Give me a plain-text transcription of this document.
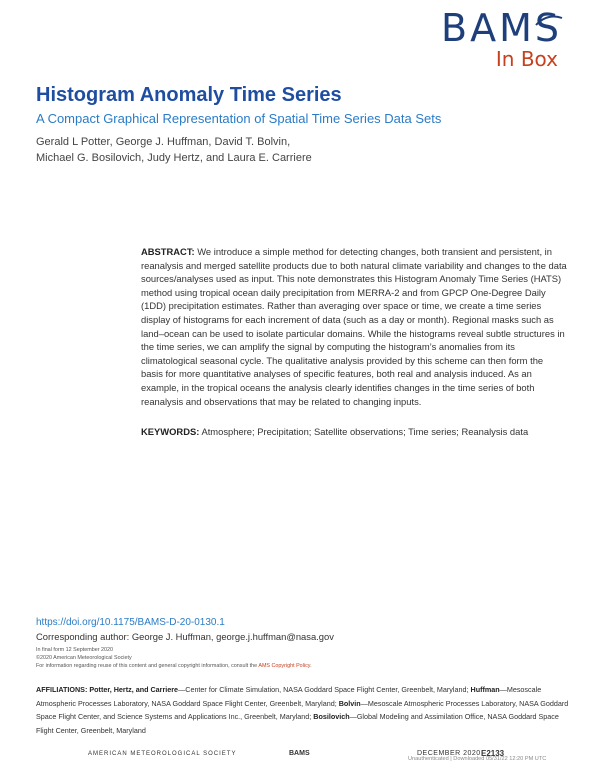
BAMS
In Box
Histogram Anomaly Time Series
A Compact Graphical Representation of Spatial Time Series Data Sets
Gerald L Potter, George J. Huffman, David T. Bolvin,
Michael G. Bosilovich, Judy Hertz, and Laura E. Carriere

ABSTRACT: We introduce a simple method for detecting changes, both transient and persistent, in reanalysis and merged satellite products due to both natural climate variability and changes to the data sources/analyses used as input. This note demonstrates this Histogram Anomaly Time Series (HATS) method using tropical ocean daily precipitation from MERRA-2 and from GPCP One-Degree Daily (1DD) precipitation estimates. Rather than averaging over space or time, we create a time series display of histograms for each increment of data (such as a day or month). Regional masks such as land–ocean can be used to isolate particular domains. While the histograms reveal subtle structures in the time series, we can amplify the signal by computing the histogram’s anomalies from its climatological seasonal cycle. The qualitative analysis provided by this scheme can then form the basis for more quantitative analyses of specific features, both real and analysis induced. As an example, in the tropical oceans the analysis clearly identifies changes in the time series of both reanalysis and observations that may be related to changing inputs.

KEYWORDS: Atmosphere; Precipitation; Satellite observations; Time series; Reanalysis data

https://doi.org/10.1175/BAMS-D-20-0130.1
Corresponding author: George J. Huffman, george.j.huffman@nasa.gov
In final form 12 September 2020
©2020 American Meteorological Society
For information regarding reuse of this content and general copyright information, consult the AMS Copyright Policy.

AFFILIATIONS: Potter, Hertz, and Carriere—Center for Climate Simulation, NASA Goddard Space Flight Center, Greenbelt, Maryland; Huffman—Mesoscale Atmospheric Processes Laboratory, NASA Goddard Space Flight Center, Greenbelt, Maryland; Bolvin—Mesoscale Atmospheric Processes Laboratory, NASA Goddard Space Flight Center, and Science Systems and Applications Inc., Greenbelt, Maryland; Bosilovich—Global Modeling and Assimilation Office, NASA Goddard Space Flight Center, Greenbelt, Maryland

AMERICAN METEOROLOGICAL SOCIETY	BAMS	DECEMBER 2020 E2133
Unauthenticated | Downloaded 05/31/22 12:20 PM UTC
